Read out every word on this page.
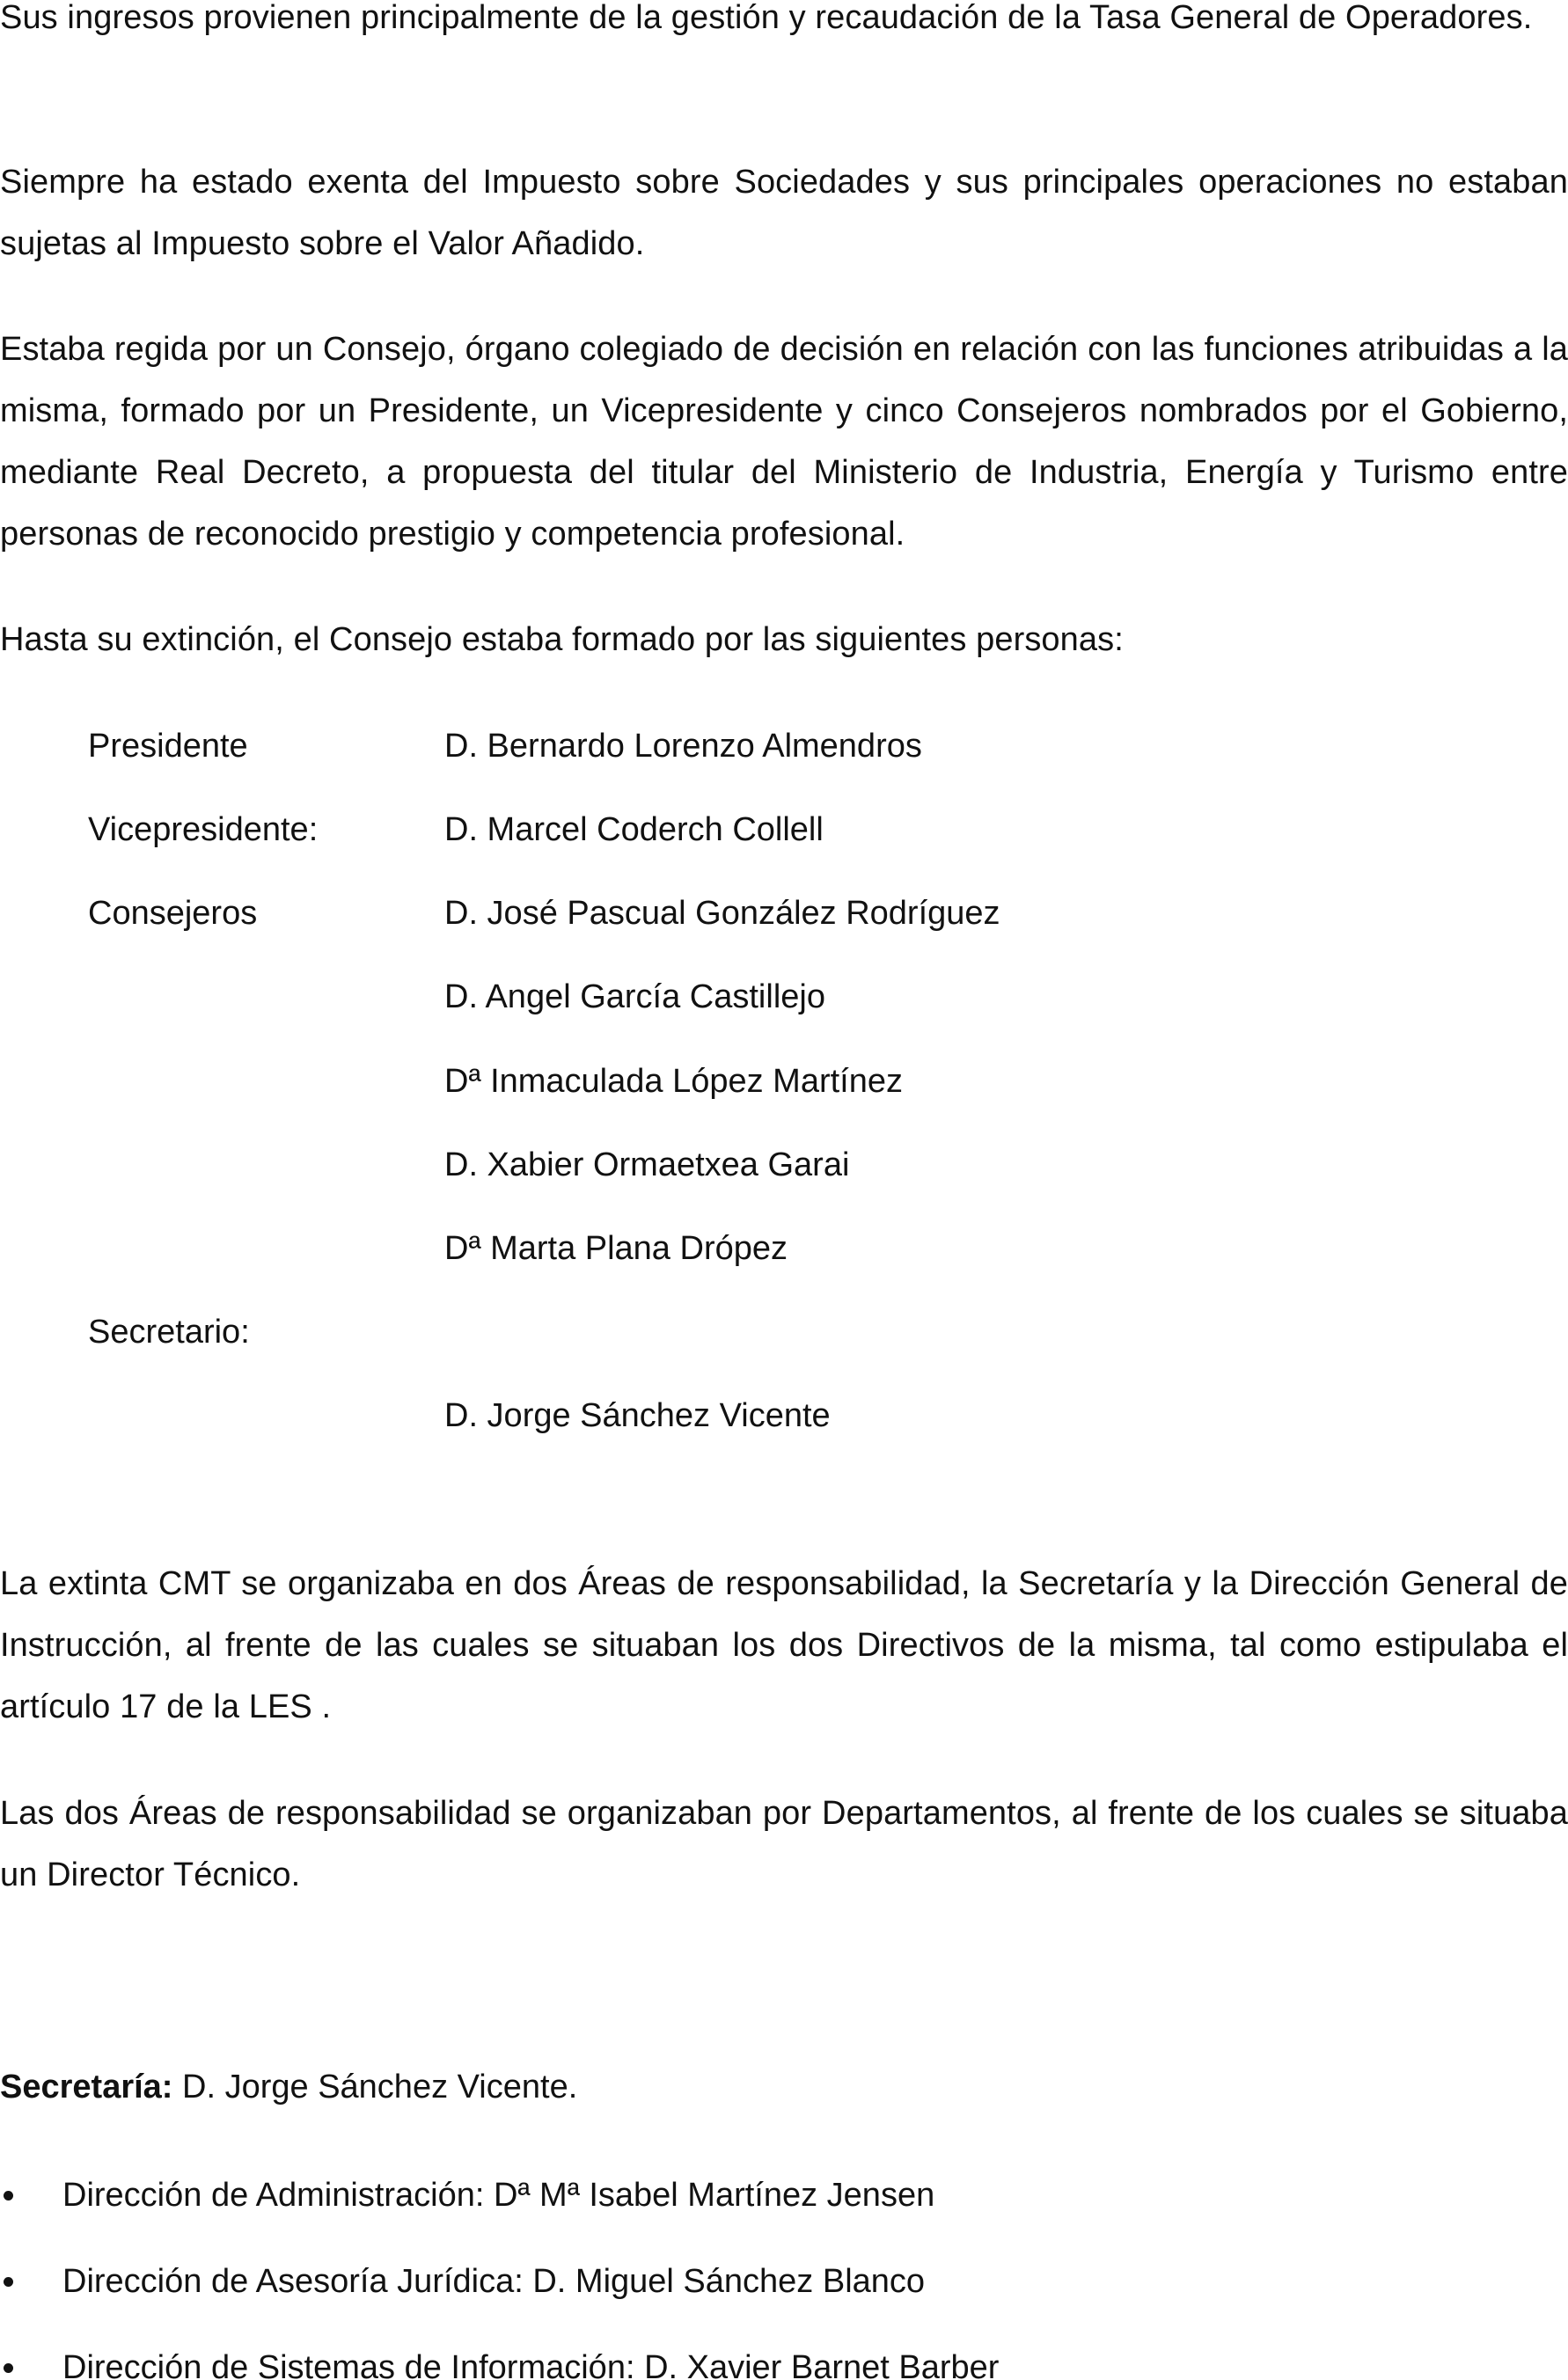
Sus ingresos provienen principalmente de la gestión y recaudación de la Tasa General de Operadores.

Siempre ha estado exenta del Impuesto sobre Sociedades y sus principales operaciones no estaban sujetas al Impuesto sobre el Valor Añadido.

Estaba regida por un Consejo, órgano colegiado de decisión en relación con las funciones atribuidas a la misma, formado por un Presidente, un Vicepresidente y cinco Consejeros nombrados por el Gobierno, mediante Real Decreto, a propuesta del titular del Ministerio de Industria, Energía y Turismo entre personas de reconocido prestigio y competencia profesional.

Hasta su extinción, el Consejo estaba formado por las siguientes personas:

Presidente	D. Bernardo Lorenzo Almendros

Vicepresidente:	D. Marcel Coderch Collell

Consejeros	D. José Pascual González Rodríguez

D. Angel García Castillejo

Dª Inmaculada López Martínez

D. Xabier Ormaetxea Garai

Dª Marta Plana Drópez

Secretario:

D. Jorge Sánchez Vicente

La extinta CMT se organizaba en dos Áreas de responsabilidad, la Secretaría y la Dirección General de Instrucción, al frente de las cuales se situaban los dos Directivos de la misma, tal como estipulaba el artículo 17 de la LES .

Las dos Áreas de responsabilidad se organizaban por Departamentos, al frente de los cuales se situaba un Director Técnico.

Secretaría: D. Jorge Sánchez Vicente.

Dirección de Administración: Dª Mª Isabel Martínez Jensen
Dirección de Asesoría Jurídica: D. Miguel Sánchez Blanco
Dirección de Sistemas de Información: D. Xavier Barnet Barber
